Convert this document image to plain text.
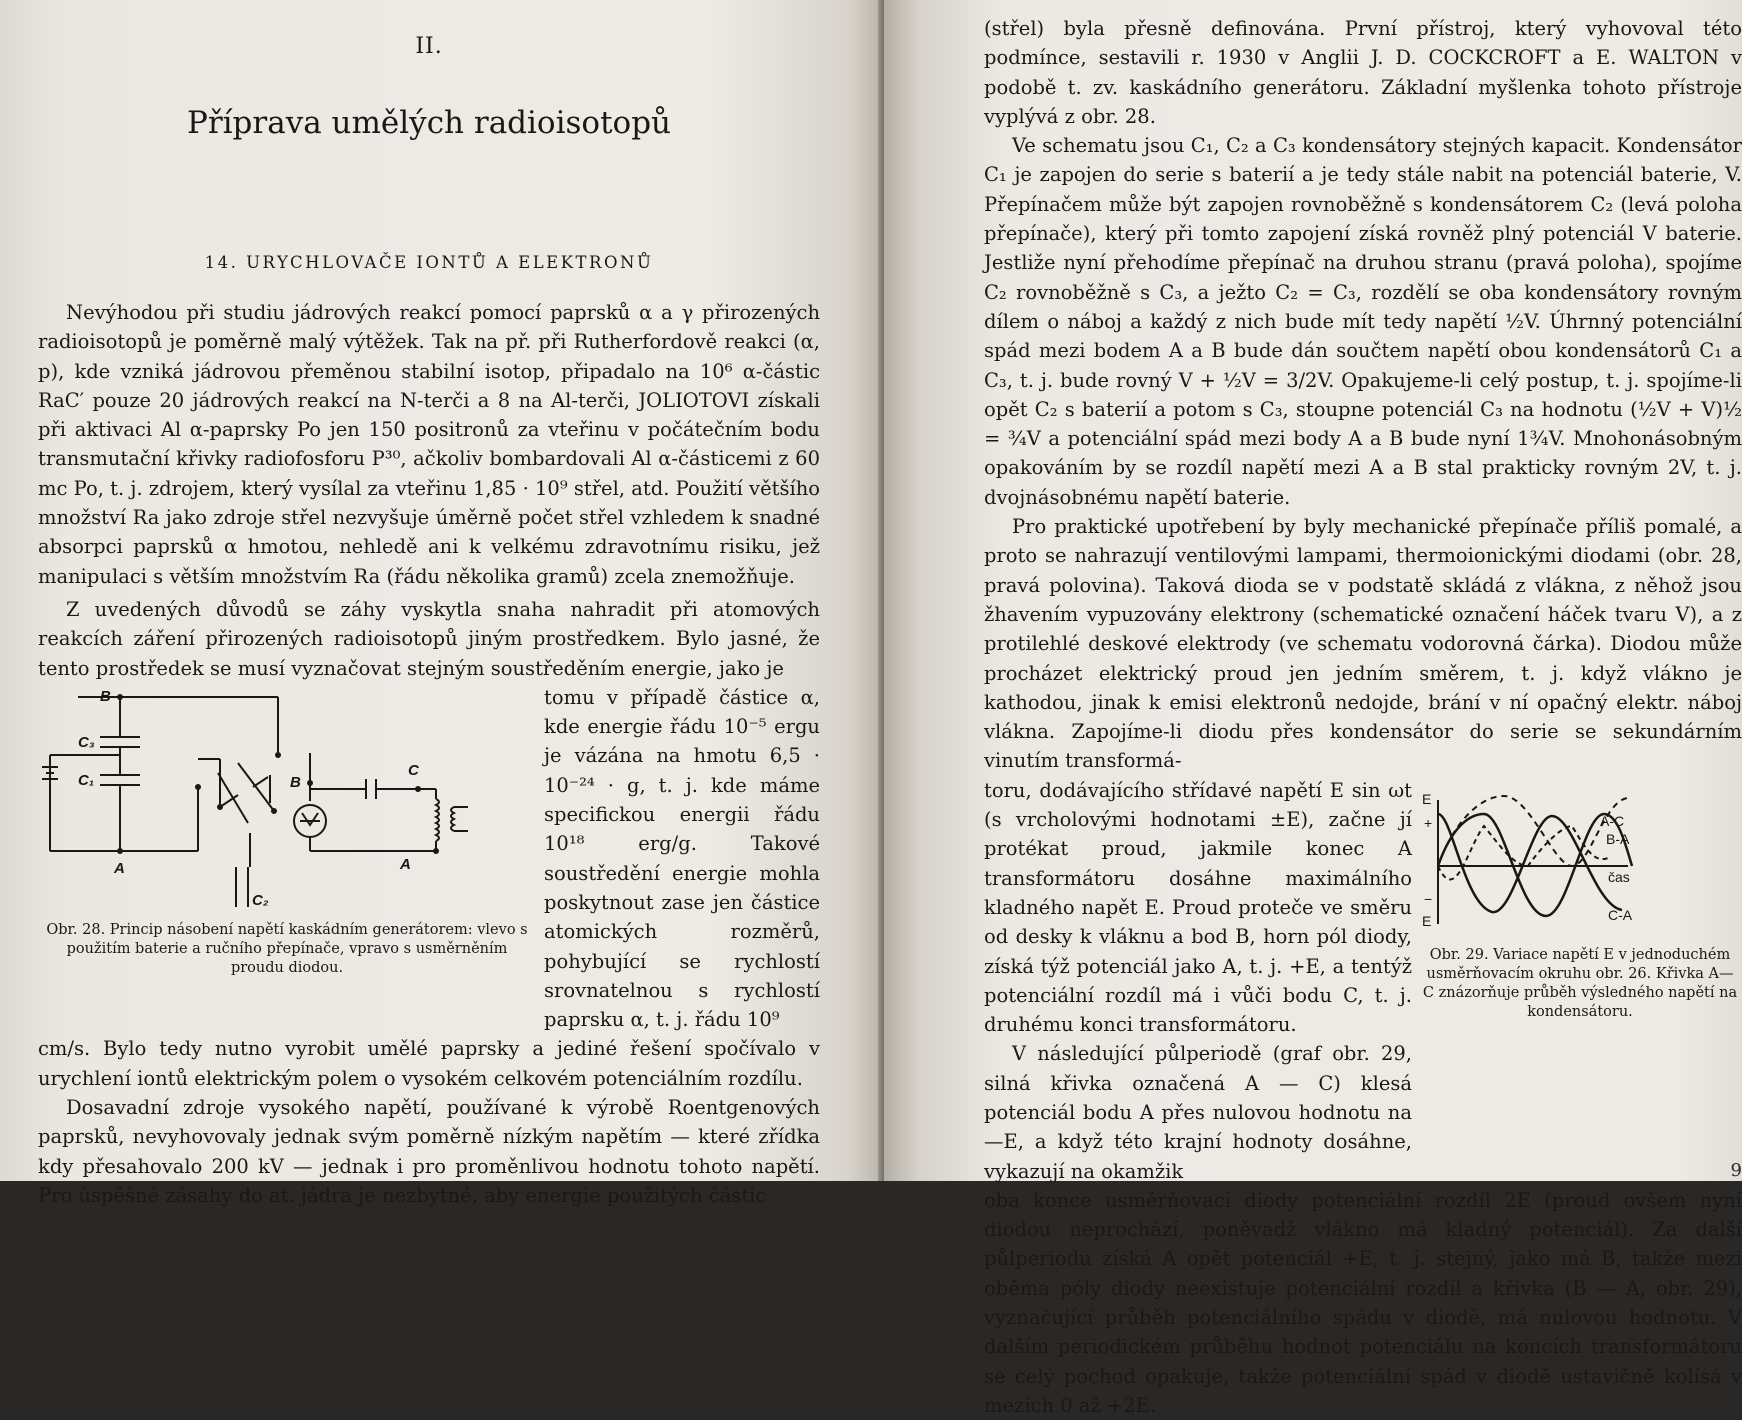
II.
Příprava umělých radioisotopů
14. URYCHLOVAČE IONTŮ A ELEKTRONŮ

Nevýhodou při studiu jádrových reakcí pomocí paprsků α a γ přirozených radioisotopů je poměrně malý výtěžek. Tak na př. při Rutherfordově reakci (α, p), kde vzniká jádrovou přeměnou stabilní isotop, připadalo na 10⁶ α-částic RaC′ pouze 20 jádrových reakcí na N-terči a 8 na Al-terči, JOLIOTOVI získali při aktivaci Al α-paprsky Po jen 150 positronů za vteřinu v počátečním bodu transmutační křivky radiofosforu P³⁰, ačkoliv bombardovali Al α-částicemi z 60 mc Po, t. j. zdrojem, který vysílal za vteřinu 1,85 · 10⁹ střel, atd. Použití většího množství Ra jako zdroje střel nezvyšuje úměrně počet střel vzhledem k snadné absorpci paprsků α hmotou, nehledě ani k velkému zdravotnímu risiku, jež manipulaci s větším množstvím Ra (řádu několika gramů) zcela znemožňuje.

Z uvedených důvodů se záhy vyskytla snaha nahradit při atomových reakcích záření přirozených radioisotopů jiným prostředkem. Bylo jasné, že tento prostředek se musí vyznačovat stejným soustředěním energie, jako je

B
C₃
C₁
A
C₂
B
C
A
Obr. 28. Princip násobení napětí kaskádním generátorem: vlevo s použitím baterie a ručního přepínače, vpravo s usměrněním proudu diodou.

tomu v případě částice α, kde energie řádu 10⁻⁵ ergu je vázána na hmotu 6,5 · 10⁻²⁴ · g, t. j. kde máme specifickou energii řádu 10¹⁸ erg/g. Takové soustředění energie mohla poskytnout zase jen částice atomických rozměrů, pohybující se rychlostí srovnatelnou s rychlostí paprsku α, t. j. řádu 10⁹

cm/s. Bylo tedy nutno vyrobit umělé paprsky a jediné řešení spočívalo v urychlení iontů elektrickým polem o vysokém celkovém potenciálním rozdílu.

Dosavadní zdroje vysokého napětí, používané k výrobě Roentgenových paprsků, nevyhovovaly jednak svým poměrně nízkým napětím — které zřídka kdy přesahovalo 200 kV — jednak i pro proměnlivou hodnotu tohoto napětí. Pro úspěšné zásahy do at. jádra je nezbytné, aby energie použitých částic

(střel) byla přesně definována. První přístroj, který vyhovoval této podmínce, sestavili r. 1930 v Anglii J. D. COCKCROFT a E. WALTON v podobě t. zv. kaskádního generátoru. Základní myšlenka tohoto přístroje vyplývá z obr. 28.

Ve schematu jsou C₁, C₂ a C₃ kondensátory stejných kapacit. Kondensátor C₁ je zapojen do serie s baterií a je tedy stále nabit na potenciál baterie, V. Přepínačem může být zapojen rovnoběžně s kondensátorem C₂ (levá poloha přepínače), který při tomto zapojení získá rovněž plný potenciál V baterie. Jestliže nyní přehodíme přepínač na druhou stranu (pravá poloha), spojíme C₂ rovnoběžně s C₃, a ježto C₂ = C₃, rozdělí se oba kondensátory rovným dílem o náboj a každý z nich bude mít tedy napětí ½V. Úhrnný potenciální spád mezi bodem A a B bude dán součtem napětí obou kondensátorů C₁ a C₃, t. j. bude rovný V + ½V = 3/2V. Opakujeme-li celý postup, t. j. spojíme-li opět C₂ s baterií a potom s C₃, stoupne potenciál C₃ na hodnotu (½V + V)½ = ¾V a potenciální spád mezi body A a B bude nyní 1¾V. Mnohonásobným opakováním by se rozdíl napětí mezi A a B stal prakticky rovným 2V, t. j. dvojnásobnému napětí baterie.

Pro praktické upotřebení by byly mechanické přepínače příliš pomalé, a proto se nahrazují ventilovými lampami, thermoionickými diodami (obr. 28, pravá polovina). Taková dioda se v podstatě skládá z vlákna, z něhož jsou žhavením vypuzovány elektrony (schematické označení háček tvaru V), a z protilehlé deskové elektrody (ve schematu vodorovná čárka). Diodou může procházet elektrický proud jen jedním směrem, t. j. když vlákno je kathodou, jinak k emisi elektronů nedojde, brání v ní opačný elektr. náboj vlákna. Zapojíme-li diodu přes kondensátor do serie se sekundárním vinutím transformá-

toru, dodávajícího střídavé napětí E sin ωt (s vrcholovými hodnotami ±E), začne jí protékat proud, jakmile konec A transformátoru dosáhne maximálního kladného napět E. Proud proteče ve směru od desky k vláknu a bod B, horn pól diody, získá týž potenciál jako A, t. j. +E, a tentýž potenciální rozdíl má i vůči bodu C, t. j. druhému konci transformátoru.

V následující půlperiodě (graf obr. 29, silná křivka označená A — C) klesá potenciál bodu A přes nulovou hodnotu na —E, a když této krajní hodnoty dosáhne, vykazují na okamžik

E
+
−
E
A-C
B-A
čas
C-A
Obr. 29. Variace napětí E v jednoduchém usměrňovacím okruhu obr. 26. Křivka A—C znázorňuje průběh výsledného napětí na kondensátoru.

oba konce usměrňovací diody potenciální rozdíl 2E (proud ovšem nyní diodou neprochází, poněvadž vlákno má kladný potenciál). Za další půlperiodu získá A opět potenciál +E, t. j. stejný, jako má B, takže mezi oběma póly diody neexistuje potenciální rozdíl a křivka (B — A, obr. 29), vyznačující průběh potenciálního spádu v diodě, má nulovou hodnotu. V dalším periodickém průběhu hodnot potenciálu na koncích transformátoru se celý pochod opakuje, takže potenciální spád v diodě ustavičně kolísá v mezích 0 až +2E.

9
